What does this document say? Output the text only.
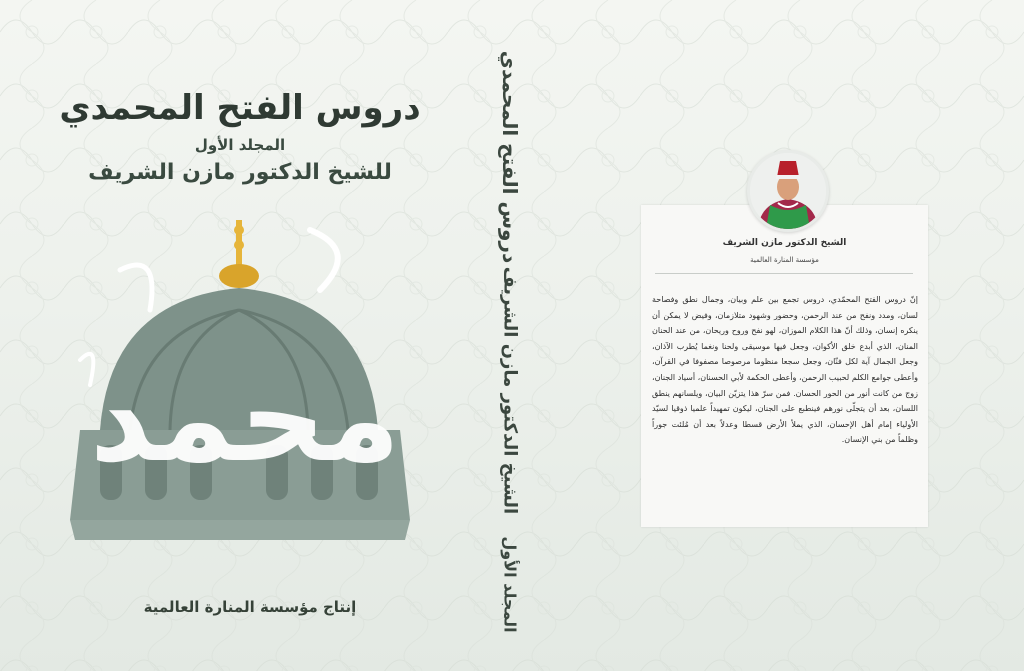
دروس الفتح المحمدي
المجلد الأول
للشيخ الدكتور مازن الشريف
محمد
إنتاج مؤسسة المنارة العالمية
دروس الفتح المحمدي
الشيخ الدكتور مازن الشريف
المجلد الأول
الشيخ الدكتور مازن الشريف
مؤسسة المنارة العالمية
إنّ دروس الفتح المحمّدي، دروس تجمع بين علم وبيان، وجمال نطق وفصاحة لسان، ومدد ونفح من عند الرحمن، وحضور وشهود متلازمان، وفيض لا يمكن أن ينكره إنسان، وذلك أنّ هذا الكلام الموزان، لهو نفح وروح وريحان، من عند الحنان المنان، الذي أبدع خلق الأكوان، وجعل فيها موسيقى ولحنا ونغما يُطرب الآذان، وجعل الجمال آية لكل فنّان، وجعل سجعا منظوما مرصوصا مصفوفا في القرآن، وأعطى جوامع الكلم لحبيب الرحمن، وأعطى الحكمة لأبي الحسنان، أسياد الجنان، زوج من كانت أنور من الحور الحسان. فمن سرّ هذا يتزيّن البيان، ويلسانهم ينطق اللسان، بعد أن يتجلّى نورهم فينطبع على الجنان، ليكون تمهيداً علميا ذوقيا لسيّد الأولياء إمام أهل الإحسان، الذي يملأ الأرض قسطا وعدلاً بعد أن مُلئت جوراً وظلماً من بني الإنسان.
